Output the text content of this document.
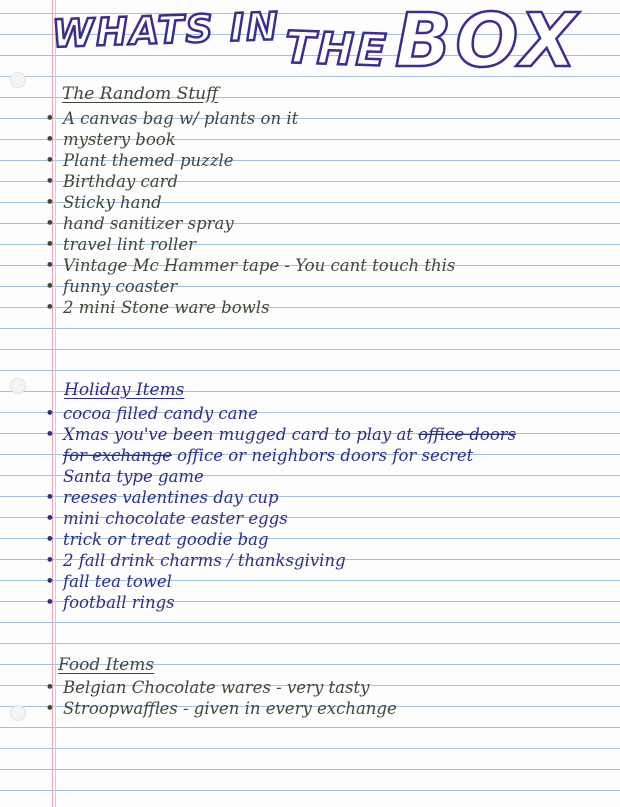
WHATS IN THE BOX
The Random Stuff
• A canvas bag w/ plants on it
• mystery book
• Plant themed puzzle
• Birthday card
• Sticky hand
• hand sanitizer spray
• travel lint roller
• Vintage Mc Hammer tape - You cant touch this
• funny coaster
• 2 mini Stone ware bowls
Holiday Items
• cocoa filled candy cane
• Xmas you've been mugged card to play at office doors
for exchange office or neighbors doors for secret
Santa type game
• reeses valentines day cup
• mini chocolate easter eggs
• trick or treat goodie bag
• 2 fall drink charms / thanksgiving
• fall tea towel
• football rings
Food Items
• Belgian Chocolate wares - very tasty
• Stroopwaffles - given in every exchange
